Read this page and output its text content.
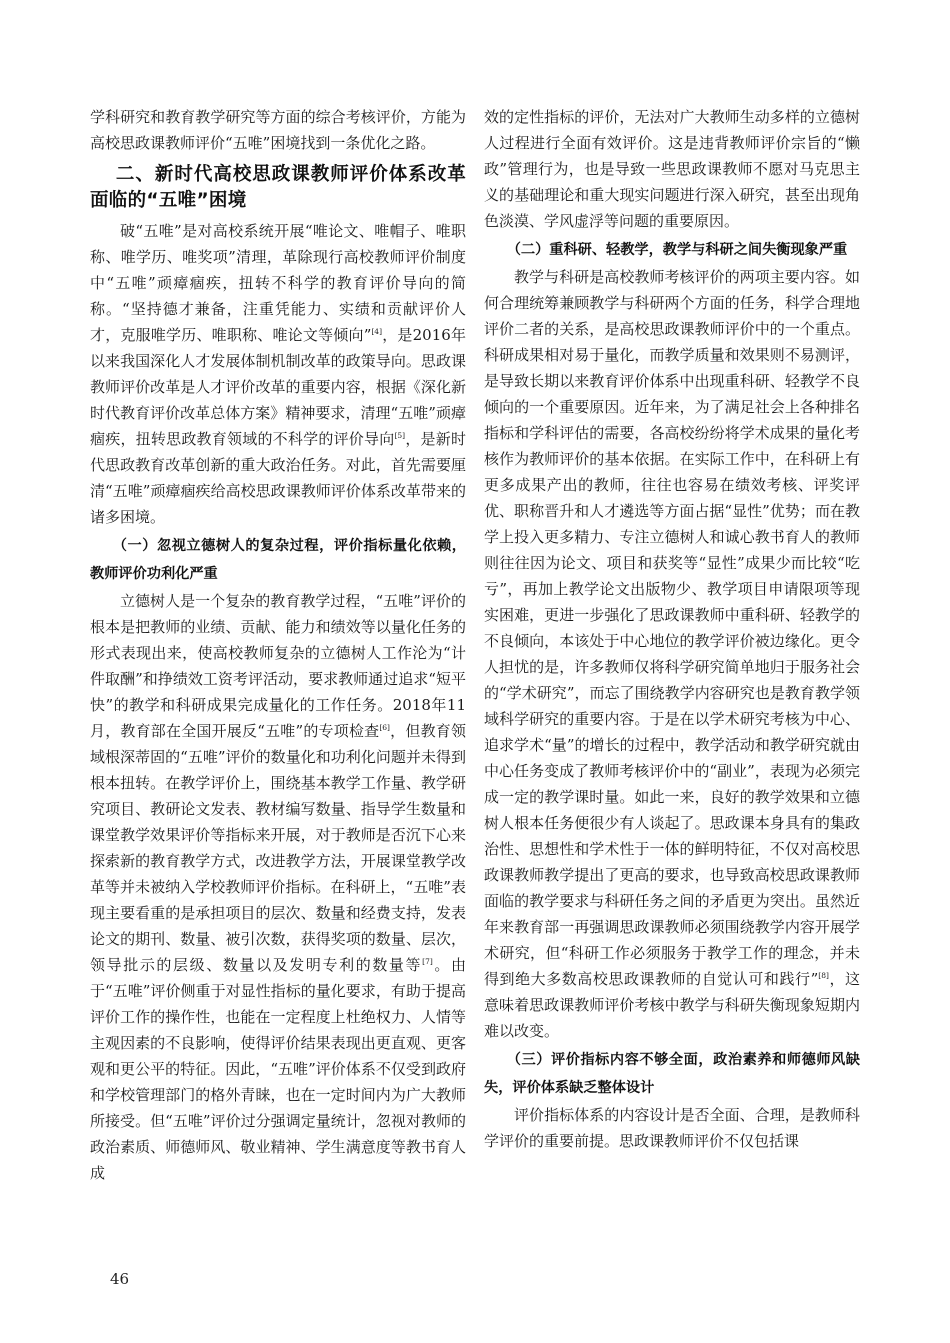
学科研究和教育教学研究等方面的综合考核评价，方能为高校思政课教师评价“五唯”困境找到一条优化之路。

二、新时代高校思政课教师评价体系改革面临的“五唯”困境

破“五唯”是对高校系统开展“唯论文、唯帽子、唯职称、唯学历、唯奖项”清理，革除现行高校教师评价制度中“五唯”顽瘴痼疾，扭转不科学的教育评价导向的简称。“坚持德才兼备，注重凭能力、实绩和贡献评价人才，克服唯学历、唯职称、唯论文等倾向”[4]，是2016年以来我国深化人才发展体制机制改革的政策导向。思政课教师评价改革是人才评价改革的重要内容，根据《深化新时代教育评价改革总体方案》精神要求，清理“五唯”顽瘴痼疾，扭转思政教育领域的不科学的评价导向[5]，是新时代思政教育改革创新的重大政治任务。对此，首先需要厘清“五唯”顽瘴痼疾给高校思政课教师评价体系改革带来的诸多困境。

（一）忽视立德树人的复杂过程，评价指标量化依赖，教师评价功利化严重

立德树人是一个复杂的教育教学过程，“五唯”评价的根本是把教师的业绩、贡献、能力和绩效等以量化任务的形式表现出来，使高校教师复杂的立德树人工作沦为“计件取酬”和挣绩效工资考评活动，要求教师通过追求“短平快”的教学和科研成果完成量化的工作任务。2018年11月，教育部在全国开展反“五唯”的专项检查[6]，但教育领域根深蒂固的“五唯”评价的数量化和功利化问题并未得到根本扭转。在教学评价上，围绕基本教学工作量、教学研究项目、教研论文发表、教材编写数量、指导学生数量和课堂教学效果评价等指标来开展，对于教师是否沉下心来探索新的教育教学方式，改进教学方法，开展课堂教学改革等并未被纳入学校教师评价指标。在科研上，“五唯”表现主要看重的是承担项目的层次、数量和经费支持，发表论文的期刊、数量、被引次数，获得奖项的数量、层次，领导批示的层级、数量以及发明专利的数量等[7]。由于“五唯”评价侧重于对显性指标的量化要求，有助于提高评价工作的操作性，也能在一定程度上杜绝权力、人情等主观因素的不良影响，使得评价结果表现出更直观、更客观和更公平的特征。因此，“五唯”评价体系不仅受到政府和学校管理部门的格外青睐，也在一定时间内为广大教师所接受。但“五唯”评价过分强调定量统计，忽视对教师的政治素质、师德师风、敬业精神、学生满意度等教书育人成

效的定性指标的评价，无法对广大教师生动多样的立德树人过程进行全面有效评价。这是违背教师评价宗旨的“懒政”管理行为，也是导致一些思政课教师不愿对马克思主义的基础理论和重大现实问题进行深入研究，甚至出现角色淡漠、学风虚浮等问题的重要原因。

（二）重科研、轻教学，教学与科研之间失衡现象严重

教学与科研是高校教师考核评价的两项主要内容。如何合理统筹兼顾教学与科研两个方面的任务，科学合理地评价二者的关系，是高校思政课教师评价中的一个重点。科研成果相对易于量化，而教学质量和效果则不易测评，是导致长期以来教育评价体系中出现重科研、轻教学不良倾向的一个重要原因。近年来，为了满足社会上各种排名指标和学科评估的需要，各高校纷纷将学术成果的量化考核作为教师评价的基本依据。在实际工作中，在科研上有更多成果产出的教师，往往也容易在绩效考核、评奖评优、职称晋升和人才遴选等方面占据“显性”优势；而在教学上投入更多精力、专注立德树人和诚心教书育人的教师则往往因为论文、项目和获奖等“显性”成果少而比较“吃亏”，再加上教学论文出版物少、教学项目申请限项等现实困难，更进一步强化了思政课教师中重科研、轻教学的不良倾向，本该处于中心地位的教学评价被边缘化。更令人担忧的是，许多教师仅将科学研究简单地归于服务社会的“学术研究”，而忘了围绕教学内容研究也是教育教学领域科学研究的重要内容。于是在以学术研究考核为中心、追求学术“量”的增长的过程中，教学活动和教学研究就由中心任务变成了教师考核评价中的“副业”，表现为必须完成一定的教学课时量。如此一来，良好的教学效果和立德树人根本任务便很少有人谈起了。思政课本身具有的集政治性、思想性和学术性于一体的鲜明特征，不仅对高校思政课教师教学提出了更高的要求，也导致高校思政课教师面临的教学要求与科研任务之间的矛盾更为突出。虽然近年来教育部一再强调思政课教师必须围绕教学内容开展学术研究，但“科研工作必须服务于教学工作的理念，并未得到绝大多数高校思政课教师的自觉认可和践行”[8]，这意味着思政课教师评价考核中教学与科研失衡现象短期内难以改变。

（三）评价指标内容不够全面，政治素养和师德师风缺失，评价体系缺乏整体设计

评价指标体系的内容设计是否全面、合理，是教师科学评价的重要前提。思政课教师评价不仅包括课

46
